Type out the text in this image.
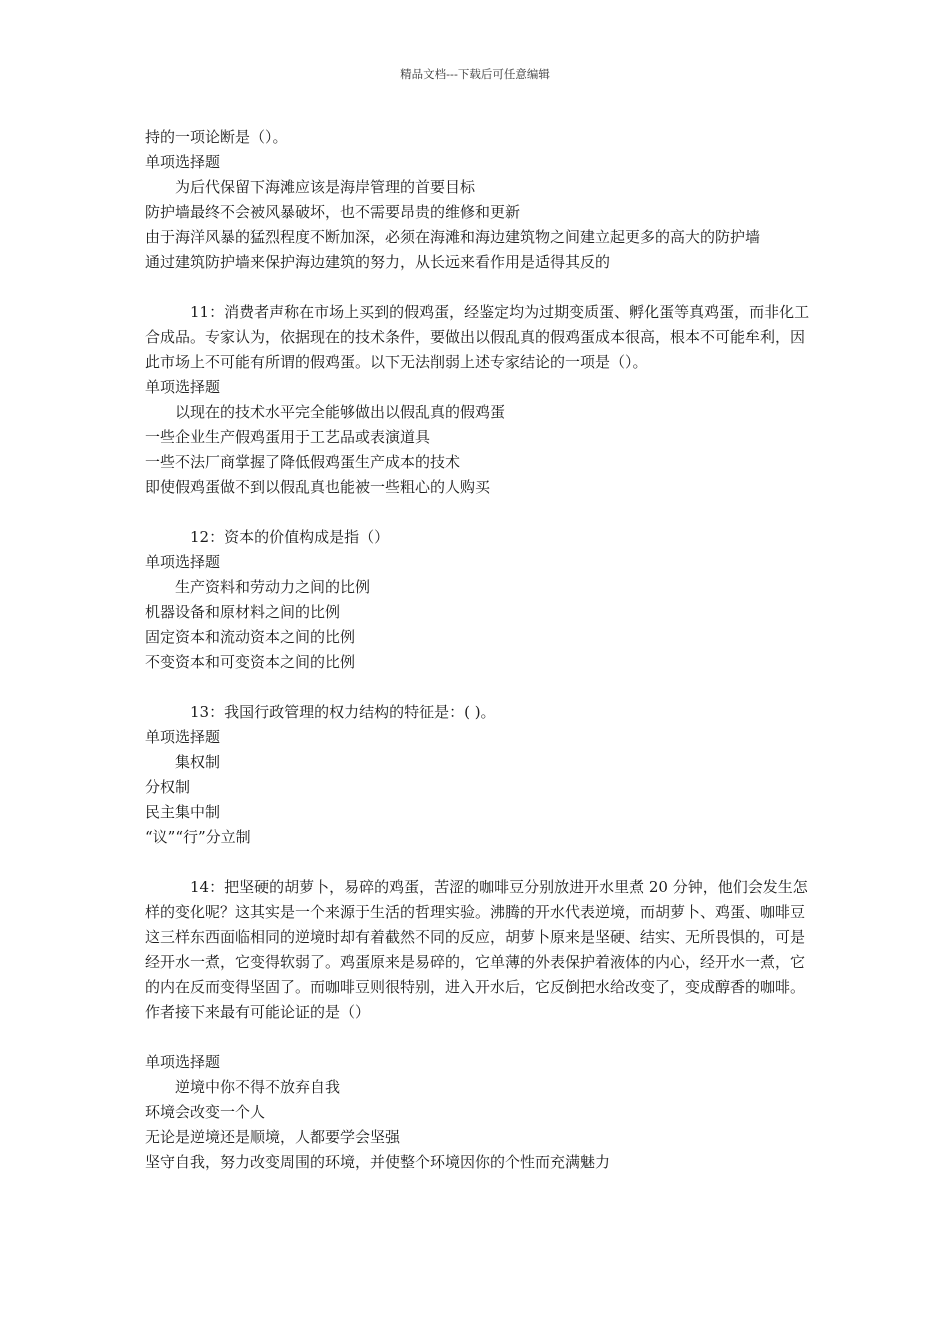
精品文档---下载后可任意编辑

持的一项论断是（）。

单项选择题

为后代保留下海滩应该是海岸管理的首要目标

防护墙最终不会被风暴破坏，也不需要昂贵的维修和更新

由于海洋风暴的猛烈程度不断加深，必须在海滩和海边建筑物之间建立起更多的高大的防护墙

通过建筑防护墙来保护海边建筑的努力，从长远来看作用是适得其反的

11：消费者声称在市场上买到的假鸡蛋，经鉴定均为过期变质蛋、孵化蛋等真鸡蛋，而非化工合成品。专家认为，依据现在的技术条件，要做出以假乱真的假鸡蛋成本很高，根本不可能牟利，因此市场上不可能有所谓的假鸡蛋。以下无法削弱上述专家结论的一项是（）。

单项选择题

以现在的技术水平完全能够做出以假乱真的假鸡蛋

一些企业生产假鸡蛋用于工艺品或表演道具

一些不法厂商掌握了降低假鸡蛋生产成本的技术

即使假鸡蛋做不到以假乱真也能被一些粗心的人购买

12：资本的价值构成是指（）

单项选择题

生产资料和劳动力之间的比例

机器设备和原材料之间的比例

固定资本和流动资本之间的比例

不变资本和可变资本之间的比例

13：我国行政管理的权力结构的特征是：( )。

单项选择题

集权制

分权制

民主集中制

“议”“行”分立制

14：把坚硬的胡萝卜，易碎的鸡蛋，苦涩的咖啡豆分别放进开水里煮 20 分钟，他们会发生怎样的变化呢？这其实是一个来源于生活的哲理实验。沸腾的开水代表逆境，而胡萝卜、鸡蛋、咖啡豆这三样东西面临相同的逆境时却有着截然不同的反应，胡萝卜原来是坚硬、结实、无所畏惧的，可是经开水一煮，它变得软弱了。鸡蛋原来是易碎的，它单薄的外表保护着液体的内心，经开水一煮，它的内在反而变得坚固了。而咖啡豆则很特别，进入开水后，它反倒把水给改变了，变成醇香的咖啡。作者接下来最有可能论证的是（）

单项选择题

逆境中你不得不放弃自我

环境会改变一个人

无论是逆境还是顺境，人都要学会坚强

坚守自我，努力改变周围的环境，并使整个环境因你的个性而充满魅力
